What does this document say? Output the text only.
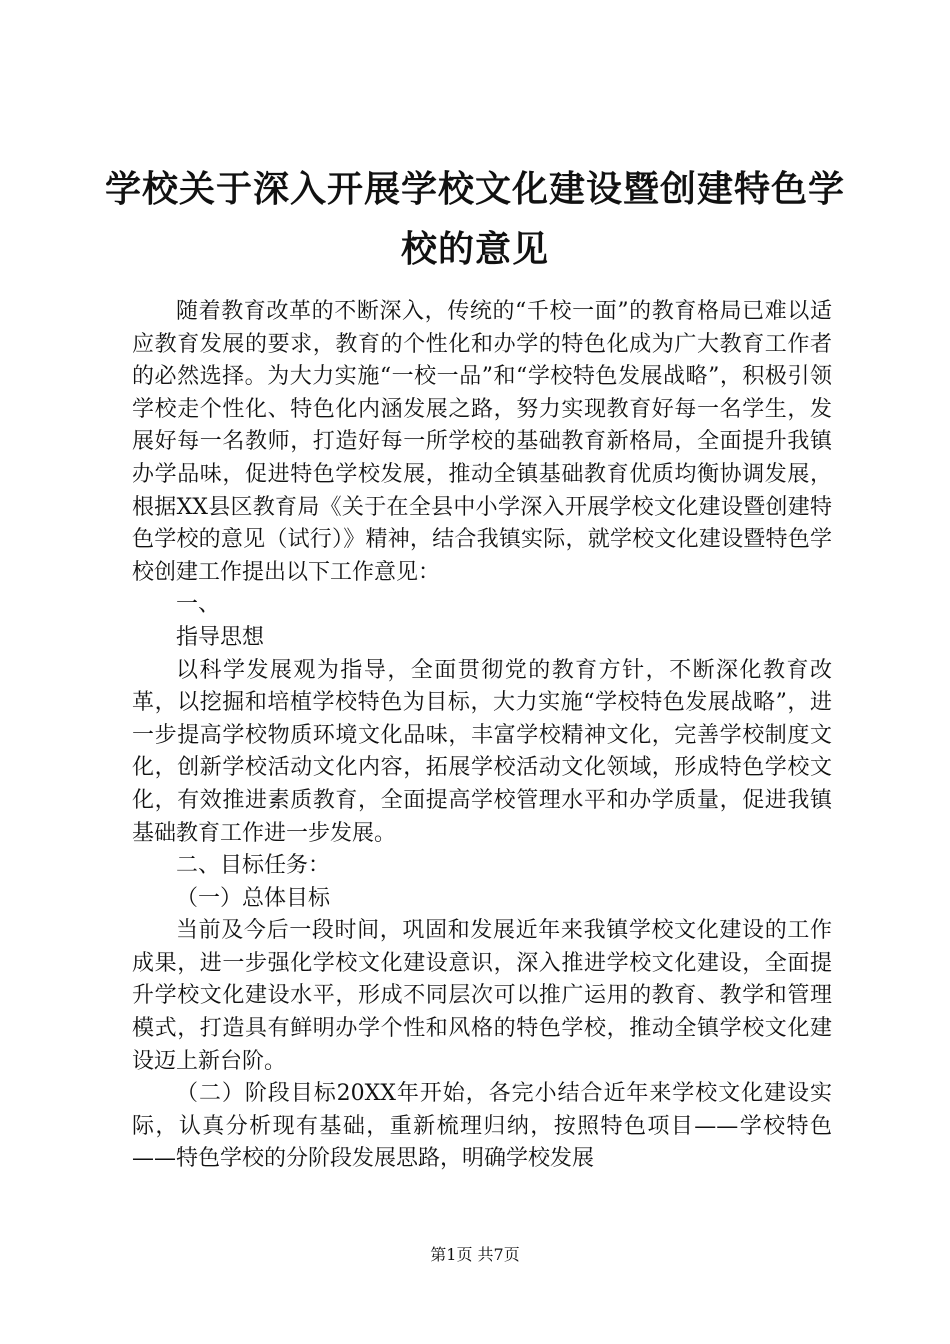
学校关于深入开展学校文化建设暨创建特色学校的意见

随着教育改革的不断深入，传统的“千校一面”的教育格局已难以适应教育发展的要求，教育的个性化和办学的特色化成为广大教育工作者的必然选择。为大力实施“一校一品”和“学校特色发展战略”，积极引领学校走个性化、特色化内涵发展之路，努力实现教育好每一名学生，发展好每一名教师，打造好每一所学校的基础教育新格局，全面提升我镇办学品味，促进特色学校发展，推动全镇基础教育优质均衡协调发展，根据XX县区教育局《关于在全县中小学深入开展学校文化建设暨创建特色学校的意见（试行）》精神，结合我镇实际，就学校文化建设暨特色学校创建工作提出以下工作意见：

一、

指导思想

以科学发展观为指导，全面贯彻党的教育方针，不断深化教育改革，以挖掘和培植学校特色为目标，大力实施“学校特色发展战略”，进一步提高学校物质环境文化品味，丰富学校精神文化，完善学校制度文化，创新学校活动文化内容，拓展学校活动文化领域，形成特色学校文化，有效推进素质教育，全面提高学校管理水平和办学质量，促进我镇基础教育工作进一步发展。

二、目标任务：

（一）总体目标

当前及今后一段时间，巩固和发展近年来我镇学校文化建设的工作成果，进一步强化学校文化建设意识，深入推进学校文化建设，全面提升学校文化建设水平，形成不同层次可以推广运用的教育、教学和管理模式，打造具有鲜明办学个性和风格的特色学校，推动全镇学校文化建设迈上新台阶。

（二）阶段目标20XX年开始，各完小结合近年来学校文化建设实际，认真分析现有基础，重新梳理归纳，按照特色项目——学校特色——特色学校的分阶段发展思路，明确学校发展

第1页 共7页
